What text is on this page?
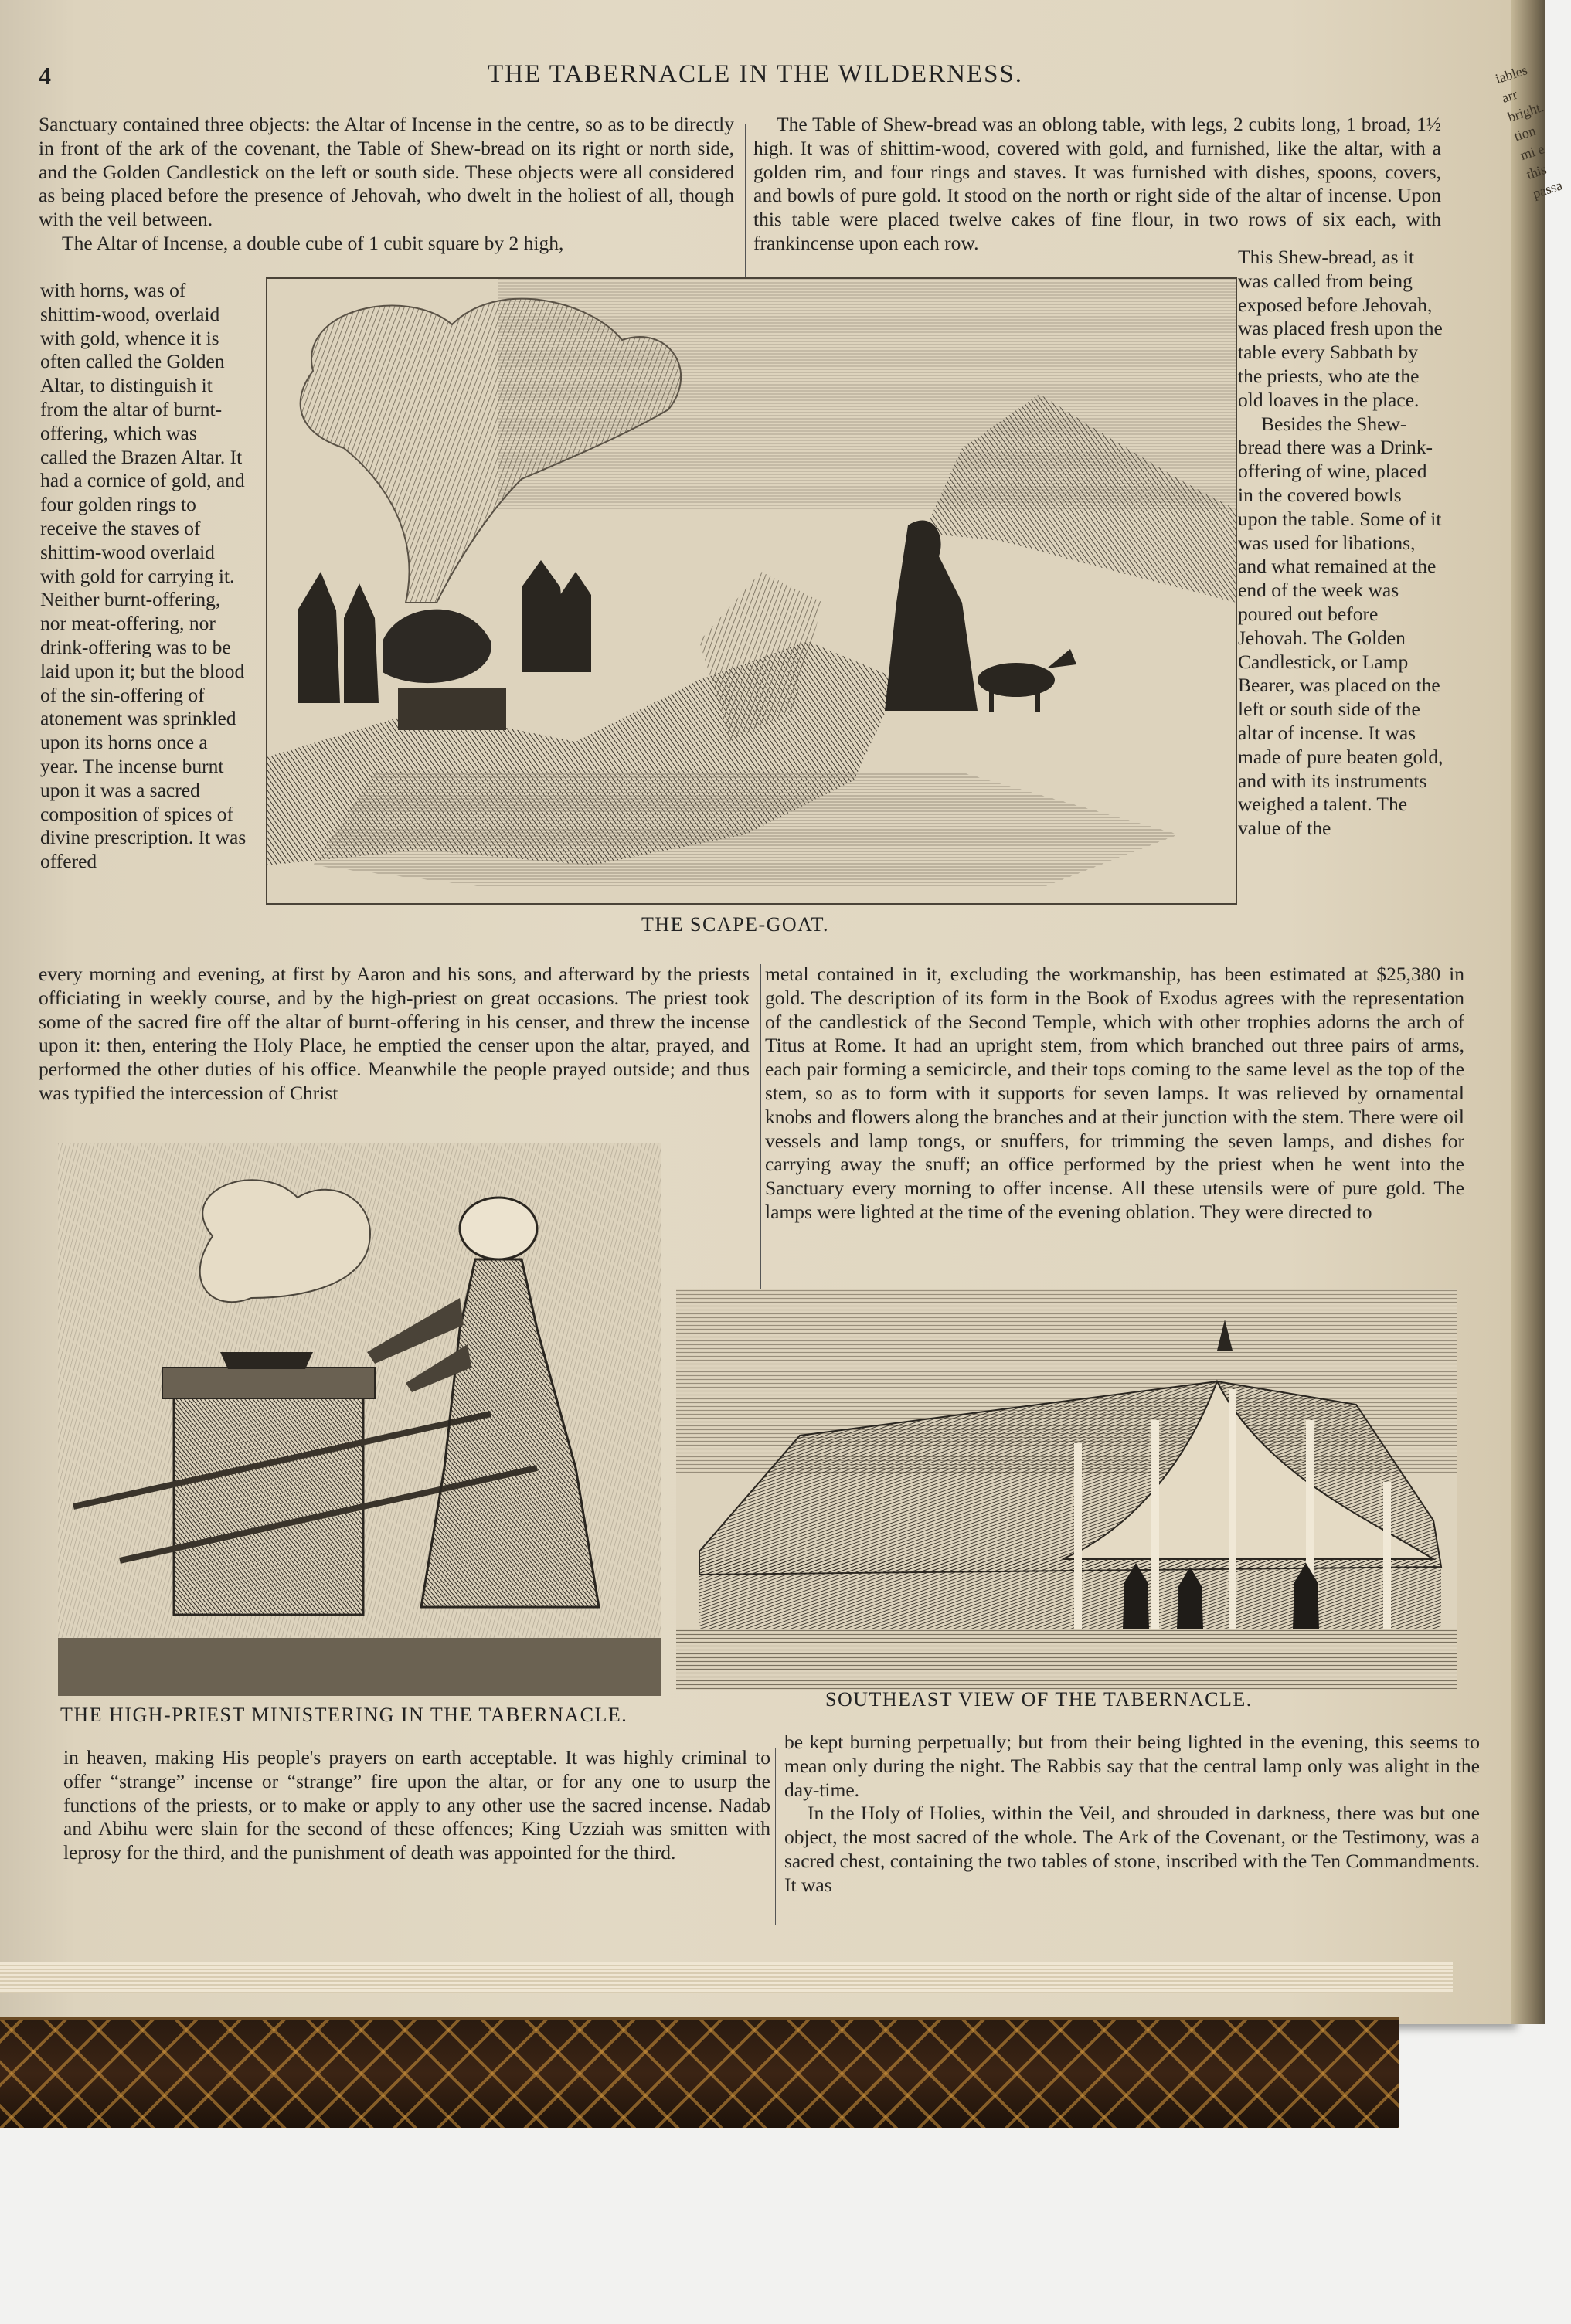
4	THE TABERNACLE IN THE WILDERNESS.

Sanctuary contained three objects: the Altar of Incense in the centre, so as to be directly in front of the ark of the covenant, the Table of Shew-bread on its right or north side, and the Golden Candlestick on the left or south side. These objects were all considered as being placed before the presence of Jehovah, who dwelt in the holiest of all, though with the veil between.

The Altar of Incense, a double cube of 1 cubit square by 2 high,

with horns, was of shittim-wood, overlaid with gold, whence it is often called the Golden Altar, to distinguish it from the altar of burnt-offering, which was called the Brazen Altar. It had a cornice of gold, and four golden rings to receive the staves of shittim-wood overlaid with gold for carrying it. Neither burnt-offering, nor meat-offering, nor drink-offering was to be laid upon it; but the blood of the sin-offering of atonement was sprinkled upon its horns once a year. The incense burnt upon it was a sacred composition of spices of divine prescription. It was offered

The Table of Shew-bread was an oblong table, with legs, 2 cubits long, 1 broad, 1½ high. It was of shittim-wood, covered with gold, and furnished, like the altar, with a golden rim, and four rings and staves. It was furnished with dishes, spoons, covers, and bowls of pure gold. It stood on the north or right side of the altar of incense. Upon this table were placed twelve cakes of fine flour, in two rows of six each, with frankincense upon each row.

This Shew-bread, as it was called from being exposed before Jehovah, was placed fresh upon the table every Sabbath by the priests, who ate the old loaves in the place.

Besides the Shew-bread there was a Drink-offering of wine, placed in the covered bowls upon the table. Some of it was used for libations, and what remained at the end of the week was poured out before Jehovah. The Golden Candlestick, or Lamp Bearer, was placed on the left or south side of the altar of incense. It was made of pure beaten gold, and with its instruments weighed a talent. The value of the

THE SCAPE-GOAT.

every morning and evening, at first by Aaron and his sons, and afterward by the priests officiating in weekly course, and by the high-priest on great occasions. The priest took some of the sacred fire off the altar of burnt-offering in his censer, and threw the incense upon it: then, entering the Holy Place, he emptied the censer upon the altar, prayed, and performed the other duties of his office. Meanwhile the people prayed outside; and thus was typified the intercession of Christ

metal contained in it, excluding the workmanship, has been estimated at $25,380 in gold. The description of its form in the Book of Exodus agrees with the representation of the candlestick of the Second Temple, which with other trophies adorns the arch of Titus at Rome. It had an upright stem, from which branched out three pairs of arms, each pair forming a semicircle, and their tops coming to the same level as the top of the stem, so as to form with it supports for seven lamps. It was relieved by ornamental knobs and flowers along the branches and at their junction with the stem. There were oil vessels and lamp tongs, or snuffers, for trimming the seven lamps, and dishes for carrying away the snuff; an office performed by the priest when he went into the Sanctuary every morning to offer incense. All these utensils were of pure gold. The lamps were lighted at the time of the evening oblation. They were directed to

THE HIGH-PRIEST MINISTERING IN THE TABERNACLE.
SOUTHEAST VIEW OF THE TABERNACLE.

in heaven, making His people's prayers on earth acceptable. It was highly criminal to offer “strange” incense or “strange” fire upon the altar, or for any one to usurp the functions of the priests, or to make or apply to any other use the sacred incense. Nadab and Abihu were slain for the second of these offences; King Uzziah was smitten with leprosy for the third, and the punishment of death was appointed for the third.

be kept burning perpetually; but from their being lighted in the evening, this seems to mean only during the night. The Rabbis say that the central lamp only was alight in the day-time.

In the Holy of Holies, within the Veil, and shrouded in darkness, there was but one object, the most sacred of the whole. The Ark of the Covenant, or the Testimony, was a sacred chest, containing the two tables of stone, inscribed with the Ten Commandments. It was

iables arr bright. tion mi e this passa
